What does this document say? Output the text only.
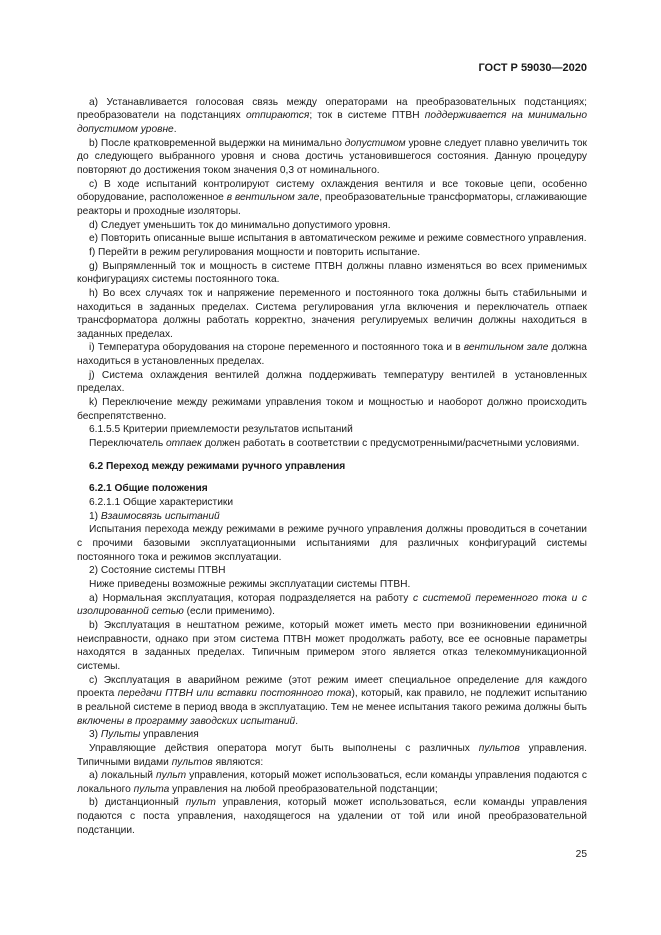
ГОСТ Р 59030—2020

a) Устанавливается голосовая связь между операторами на преобразовательных подстанциях; преобразователи на подстанциях отпираются; ток в системе ПТВН поддерживается на минимально допустимом уровне.

b) После кратковременной выдержки на минимально допустимом уровне следует плавно увеличить ток до следующего выбранного уровня и снова достичь установившегося состояния. Данную процедуру повторяют до достижения током значения 0,3 от номинального.

c) В ходе испытаний контролируют систему охлаждения вентиля и все токовые цепи, особенно оборудование, расположенное в вентильном зале, преобразовательные трансформаторы, сглаживающие реакторы и проходные изоляторы.

d) Следует уменьшить ток до минимально допустимого уровня.

e) Повторить описанные выше испытания в автоматическом режиме и режиме совместного управления.

f) Перейти в режим регулирования мощности и повторить испытание.

g) Выпрямленный ток и мощность в системе ПТВН должны плавно изменяться во всех применимых конфигурациях системы постоянного тока.

h) Во всех случаях ток и напряжение переменного и постоянного тока должны быть стабильными и находиться в заданных пределах. Система регулирования угла включения и переключатель отпаек трансформатора должны работать корректно, значения регулируемых величин должны находиться в заданных пределах.

i) Температура оборудования на стороне переменного и постоянного тока и в вентильном зале должна находиться в установленных пределах.

j) Система охлаждения вентилей должна поддерживать температуру вентилей в установленных пределах.

k) Переключение между режимами управления током и мощностью и наоборот должно происходить беспрепятственно.

6.1.5.5 Критерии приемлемости результатов испытаний

Переключатель отпаек должен работать в соответствии с предусмотренными/расчетными условиями.

6.2 Переход между режимами ручного управления
6.2.1 Общие положения

6.2.1.1 Общие характеристики

1) Взаимосвязь испытаний

Испытания перехода между режимами в режиме ручного управления должны проводиться в сочетании с прочими базовыми эксплуатационными испытаниями для различных конфигураций системы постоянного тока и режимов эксплуатации.

2) Состояние системы ПТВН

Ниже приведены возможные режимы эксплуатации системы ПТВН.

a) Нормальная эксплуатация, которая подразделяется на работу с системой переменного тока и с изолированной сетью (если применимо).

b) Эксплуатация в нештатном режиме, который может иметь место при возникновении единичной неисправности, однако при этом система ПТВН может продолжать работу, все ее основные параметры находятся в заданных пределах. Типичным примером этого является отказ телекоммуникационной системы.

c) Эксплуатация в аварийном режиме (этот режим имеет специальное определение для каждого проекта передачи ПТВН или вставки постоянного тока), который, как правило, не подлежит испытанию в реальной системе в период ввода в эксплуатацию. Тем не менее испытания такого режима должны быть включены в программу заводских испытаний.

3) Пульты управления

Управляющие действия оператора могут быть выполнены с различных пультов управления. Типичными видами пультов являются:

a) локальный пульт управления, который может использоваться, если команды управления подаются с локального пульта управления на любой преобразовательной подстанции;

b) дистанционный пульт управления, который может использоваться, если команды управления подаются с поста управления, находящегося на удалении от той или иной преобразовательной подстанции.

25
